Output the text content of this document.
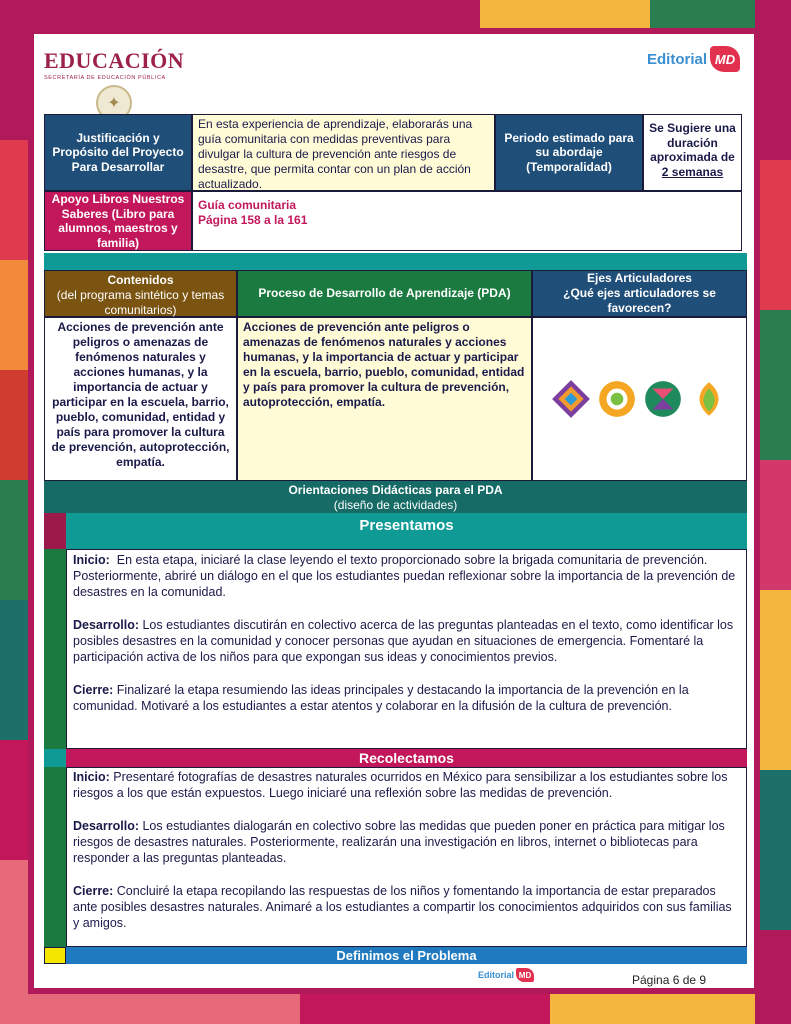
EDUCACIÓN
SECRETARÍA DE EDUCACIÓN PÚBLICA
✦
Editorial MD
Justificación y Propósito del Proyecto Para Desarrollar
En esta experiencia de aprendizaje, elaborarás una guía comunitaria con medidas preventivas para divulgar la cultura de prevención ante riesgos de desastre, que permita contar con un plan de acción actualizado.
Periodo estimado para su abordaje (Temporalidad)
Se Sugiere una duración aproximada de 2 semanas
Apoyo Libros Nuestros Saberes (Libro para alumnos, maestros y familia)
Guía comunitaria
Página 158 a la 161
Contenidos
(del programa sintético y temas comunitarios)
Proceso de Desarrollo de Aprendizaje (PDA)
Ejes Articuladores
¿Qué ejes articuladores se favorecen?
Acciones de prevención ante peligros o amenazas de fenómenos naturales y acciones humanas, y la importancia de actuar y participar en la escuela, barrio, pueblo, comunidad, entidad y país para promover la cultura de prevención, autoprotección, empatía.
Acciones de prevención ante peligros o amenazas de fenómenos naturales y acciones humanas, y la importancia de actuar y participar en la escuela, barrio, pueblo, comunidad, entidad y país para promover la cultura de prevención, autoprotección, empatía.
Orientaciones Didácticas para el PDA
(diseño de actividades)
Presentamos

Inicio: En esta etapa, iniciaré la clase leyendo el texto proporcionado sobre la brigada comunitaria de prevención. Posteriormente, abriré un diálogo en el que los estudiantes puedan reflexionar sobre la importancia de la prevención de desastres en la comunidad.

Desarrollo: Los estudiantes discutirán en colectivo acerca de las preguntas planteadas en el texto, como identificar los posibles desastres en la comunidad y conocer personas que ayudan en situaciones de emergencia. Fomentaré la participación activa de los niños para que expongan sus ideas y conocimientos previos.

Cierre: Finalizaré la etapa resumiendo las ideas principales y destacando la importancia de la prevención en la comunidad. Motivaré a los estudiantes a estar atentos y colaborar en la difusión de la cultura de prevención.

Recolectamos

Inicio: Presentaré fotografías de desastres naturales ocurridos en México para sensibilizar a los estudiantes sobre los riesgos a los que están expuestos. Luego iniciaré una reflexión sobre las medidas de prevención.

Desarrollo: Los estudiantes dialogarán en colectivo sobre las medidas que pueden poner en práctica para mitigar los riesgos de desastres naturales. Posteriormente, realizarán una investigación en libros, internet o bibliotecas para responder a las preguntas planteadas.

Cierre: Concluiré la etapa recopilando las respuestas de los niños y fomentando la importancia de estar preparados ante posibles desastres naturales. Animaré a los estudiantes a compartir los conocimientos adquiridos con sus familias y amigos.

Definimos el Problema
Editorial MD	Página 6 de 9
